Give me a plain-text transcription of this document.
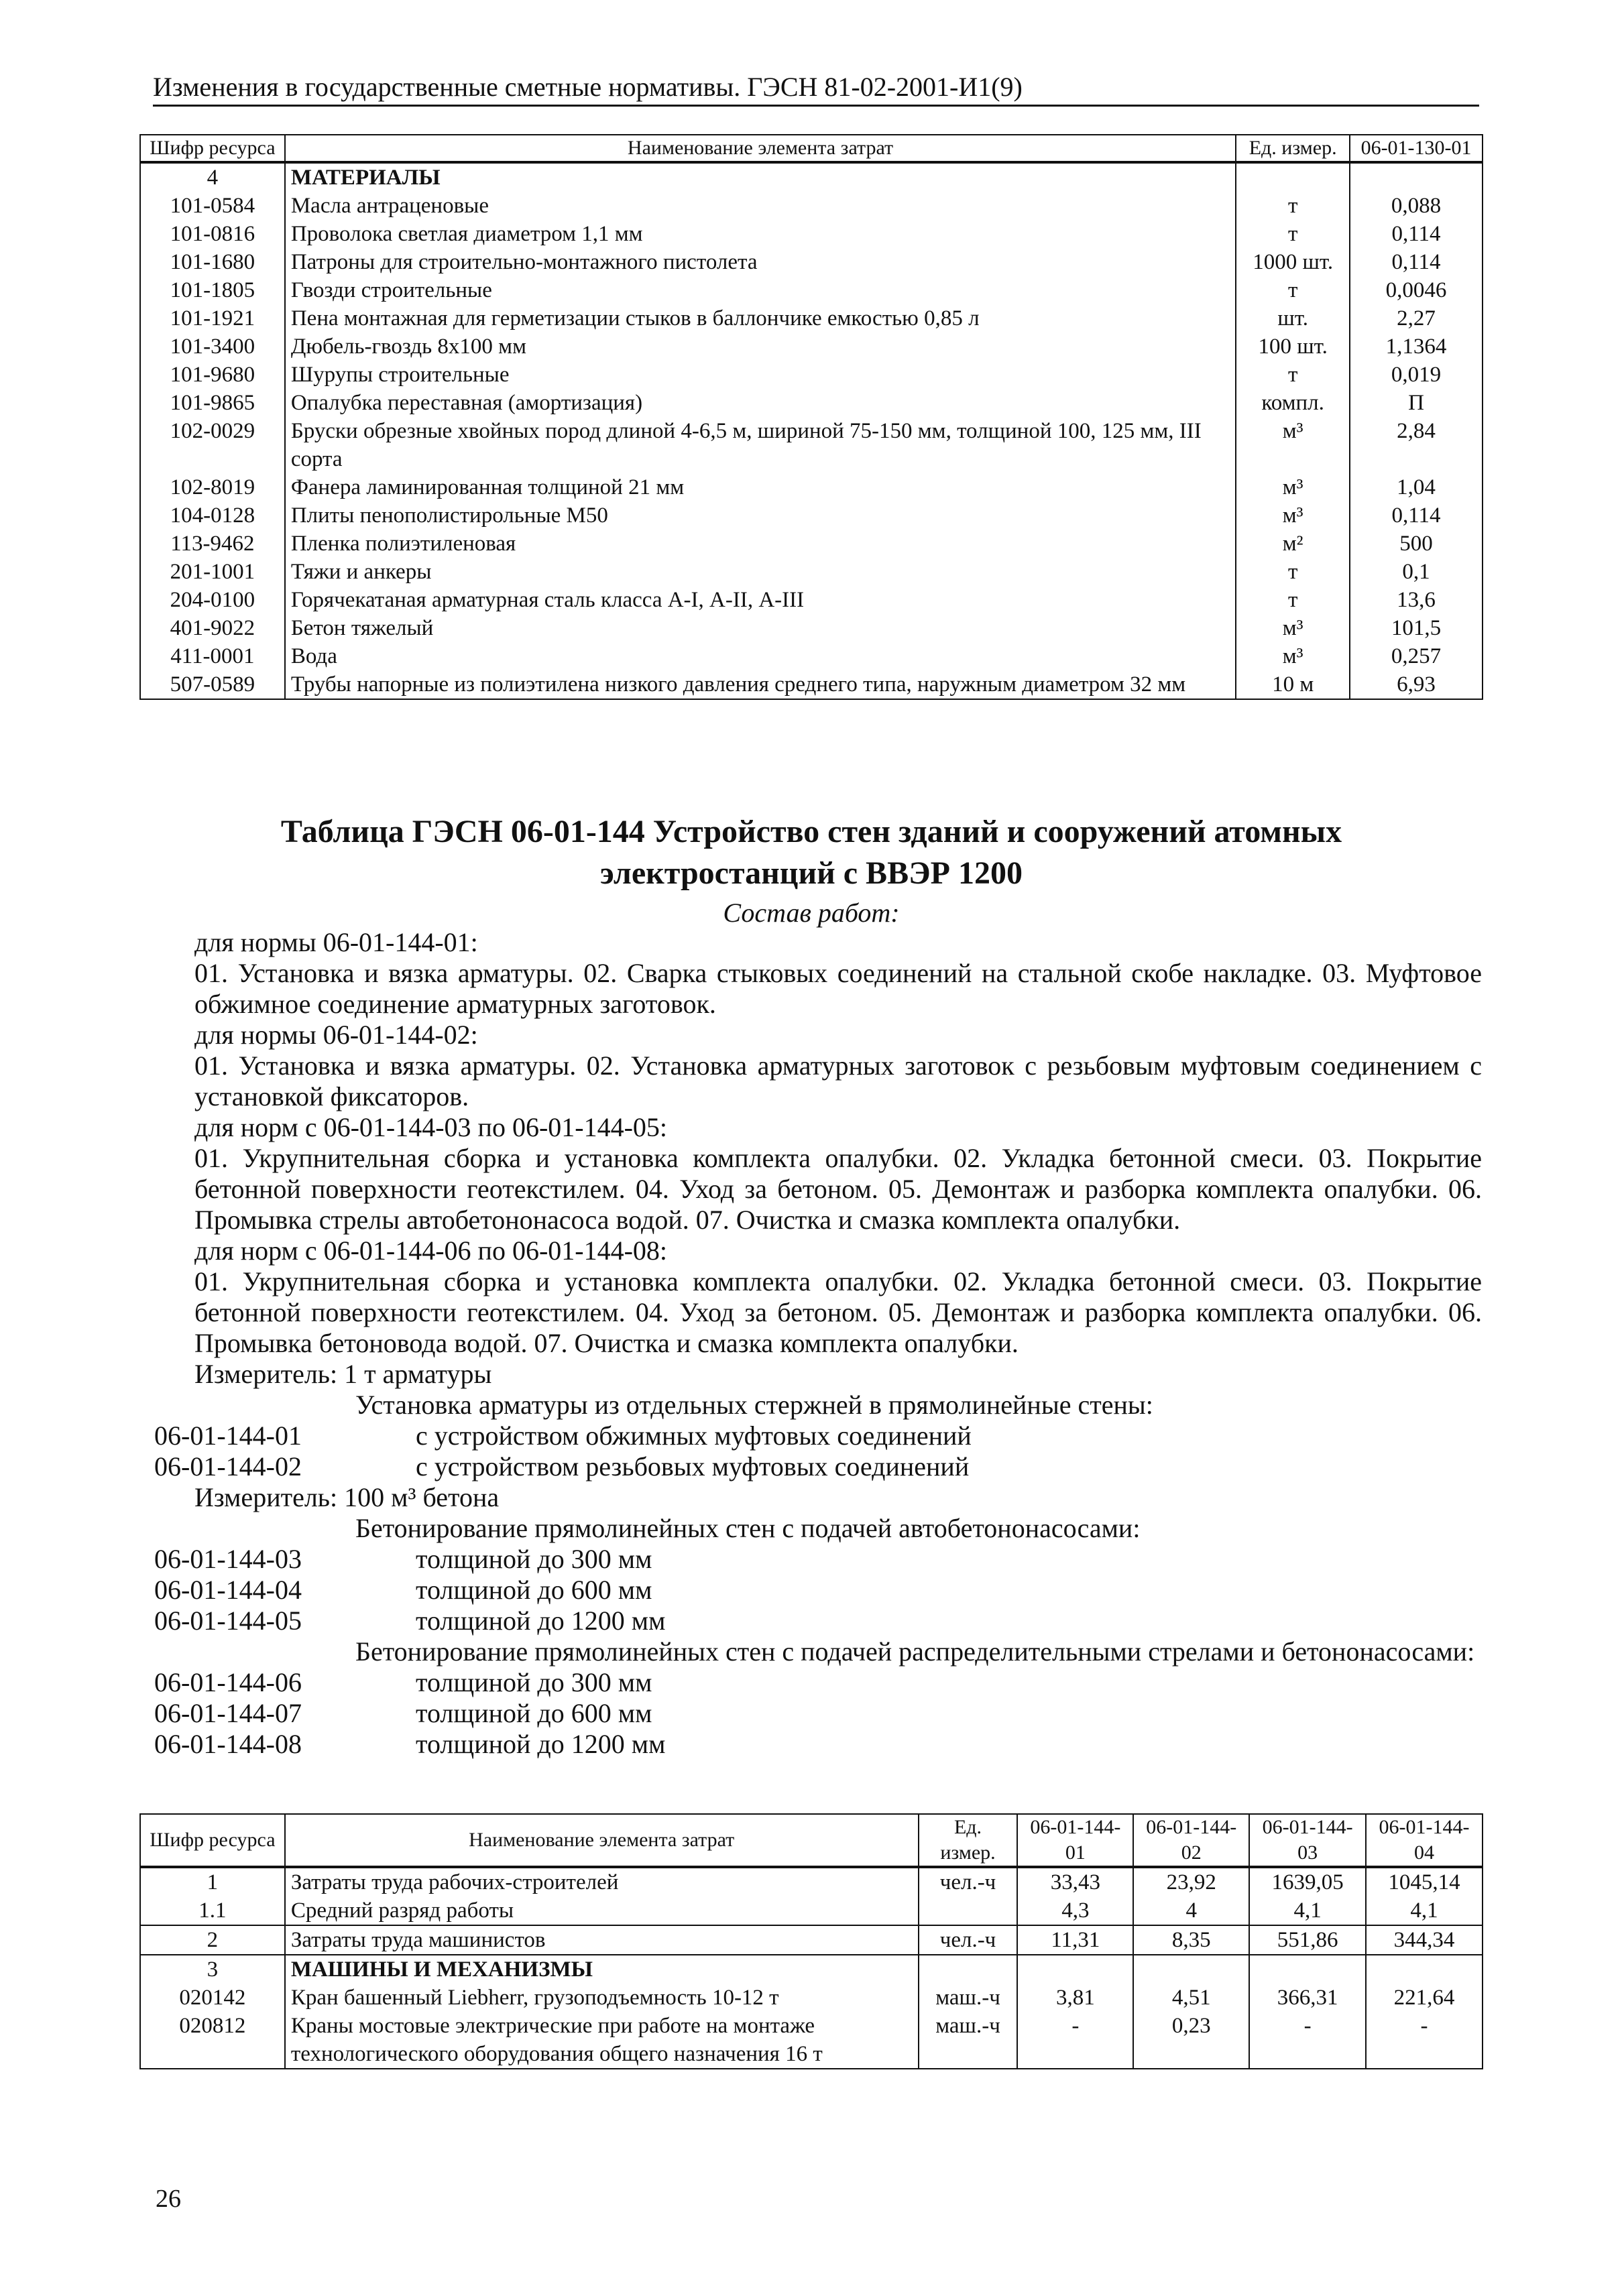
Изменения в государственные сметные нормативы. ГЭСН 81-02-2001-И1(9)
Шифр ресурса	Наименование элемента затрат	Ед. измер.	06-01-130-01
4	МАТЕРИАЛЫ		
101-0584	Масла антраценовые	т	0,088
101-0816	Проволока светлая диаметром 1,1 мм	т	0,114
101-1680	Патроны для строительно-монтажного пистолета	1000 шт.	0,114
101-1805	Гвозди строительные	т	0,0046
101-1921	Пена монтажная для герметизации стыков в баллончике емкостью 0,85 л	шт.	2,27
101-3400	Дюбель-гвоздь 8х100 мм	100 шт.	1,1364
101-9680	Шурупы строительные	т	0,019
101-9865	Опалубка переставная (амортизация)	компл.	П
102-0029	Бруски обрезные хвойных пород длиной 4-6,5 м, шириной 75-150 мм, толщиной 100, 125 мм, III сорта	м³	2,84
102-8019	Фанера ламинированная толщиной 21 мм	м³	1,04
104-0128	Плиты пенополистирольные М50	м³	0,114
113-9462	Пленка полиэтиленовая	м²	500
201-1001	Тяжи и анкеры	т	0,1
204-0100	Горячекатаная арматурная сталь класса А-I, А-II, А-III	т	13,6
401-9022	Бетон тяжелый	м³	101,5
411-0001	Вода	м³	0,257
507-0589	Трубы напорные из полиэтилена низкого давления среднего типа, наружным диаметром 32 мм	10 м	6,93
Таблица ГЭСН 06-01-144 Устройство стен зданий и сооружений атомных
электростанций с ВВЭР 1200
Состав работ:

для нормы 06-01-144-01:

01. Установка и вязка арматуры. 02. Сварка стыковых соединений на стальной скобе накладке. 03. Муфтовое обжимное соединение арматурных заготовок.

для нормы 06-01-144-02:

01. Установка и вязка арматуры. 02. Установка арматурных заготовок с резьбовым муфтовым соединением с установкой фиксаторов.

для норм с 06-01-144-03 по 06-01-144-05:

01. Укрупнительная сборка и установка комплекта опалубки. 02. Укладка бетонной смеси. 03. Покрытие бетонной поверхности геотекстилем. 04. Уход за бетоном. 05. Демонтаж и разборка комплекта опалубки. 06. Промывка стрелы автобетононасоса водой. 07. Очистка и смазка комплекта опалубки.

для норм с 06-01-144-06 по 06-01-144-08:

01. Укрупнительная сборка и установка комплекта опалубки. 02. Укладка бетонной смеси. 03. Покрытие бетонной поверхности геотекстилем. 04. Уход за бетоном. 05. Демонтаж и разборка комплекта опалубки. 06. Промывка бетоновода водой. 07. Очистка и смазка комплекта опалубки.

Измеритель: 1 т арматуры

Установка арматуры из отдельных стержней в прямолинейные стены:

06-01-144-01	с устройством обжимных муфтовых соединений
06-01-144-02	с устройством резьбовых муфтовых соединений

Измеритель: 100 м³ бетона

Бетонирование прямолинейных стен с подачей автобетононасосами:

06-01-144-03	толщиной до 300 мм
06-01-144-04	толщиной до 600 мм
06-01-144-05	толщиной до 1200 мм

Бетонирование прямолинейных стен с подачей распределительными стрелами и бетононасосами:

06-01-144-06	толщиной до 300 мм
06-01-144-07	толщиной до 600 мм
06-01-144-08	толщиной до 1200 мм
Шифр ресурса	Наименование элемента затрат	Ед. измер.	06-01-144-01	06-01-144-02	06-01-144-03	06-01-144-04
1	Затраты труда рабочих-строителей	чел.-ч	33,43	23,92	1639,05	1045,14
1.1	Средний разряд работы		4,3	4	4,1	4,1
2	Затраты труда машинистов	чел.-ч	11,31	8,35	551,86	344,34
3	МАШИНЫ И МЕХАНИЗМЫ					
020142	Кран башенный Liebherr, грузоподъемность 10-12 т	маш.-ч	3,81	4,51	366,31	221,64
020812	Краны мостовые электрические при работе на монтаже технологического оборудования общего назначения 16 т	маш.-ч	-	0,23	-	-
26
